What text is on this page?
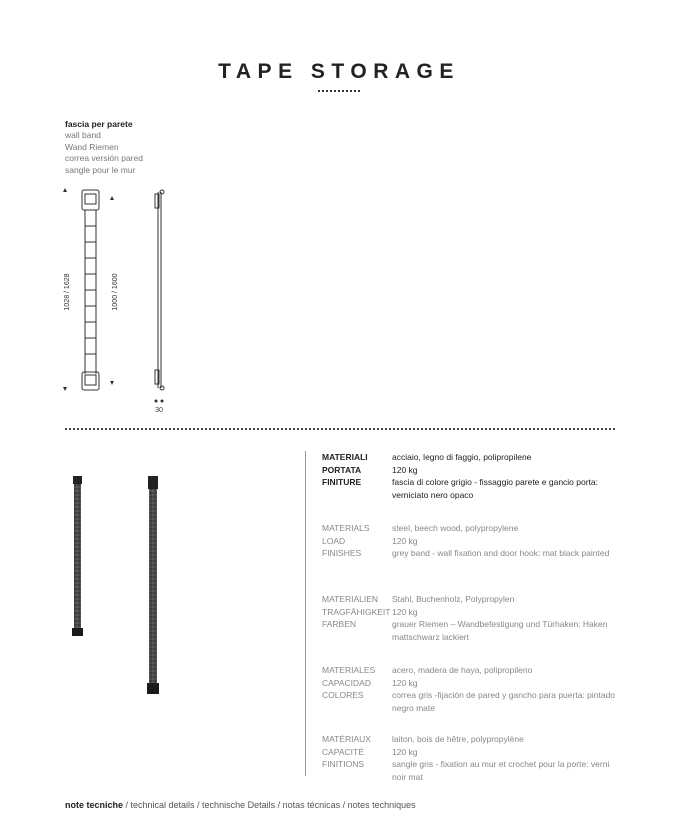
TAPE STORAGE
fascia per parete
wall band
Wand Riemen
correa versión pared
sangle pour le mur
1028 / 1628	1000 / 1600
30
MATERIALI	acciaio, legno di faggio, polipropilene
PORTATA	120 kg
FINITURE	fascia di colore grigio - fissaggio parete e gancio porta: verniciato nero opaco
MATERIALS	steel, beech wood, polypropylene
LOAD	120 kg
FINISHES	grey band - wall fixation and door hook: mat black painted
MATERIALIEN	Stahl, Buchenholz, Polypropylen
TRAGFÄHIGKEIT 120 kg
FARBEN	grauer Riemen – Wandbefestigung und Türhaken: Haken mattschwarz lackiert
MATERIALES	acero, madera de haya, polipropileno
CAPACIDAD	120 kg
COLORES	correa gris -fijación de pared y gancho para puerta: pintado negro mate
MATÉRIAUX	laiton, bois de hêtre, polypropylène
CAPACITÉ	120 kg
FINITIONS	sangle gris - fixation au mur et crochet pour la porte: verni noir mat
note tecniche / technical details / technische Details / notas técnicas / notes techniques
